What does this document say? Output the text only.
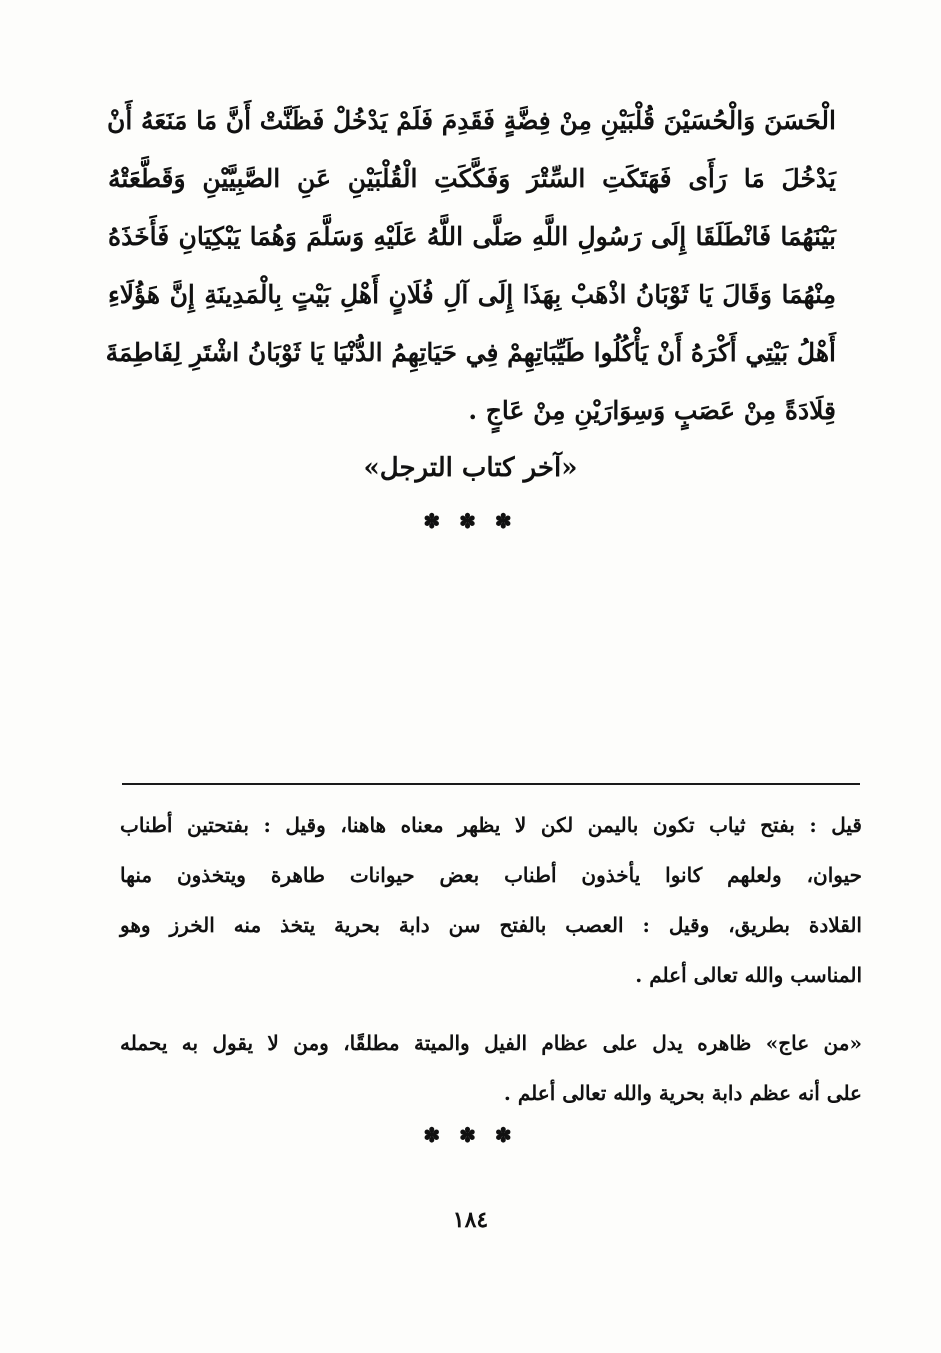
الْحَسَنَ وَالْحُسَيْنَ قُلْبَيْنِ مِنْ فِضَّةٍ فَقَدِمَ فَلَمْ يَدْخُلْ فَظَنَّتْ أَنَّ مَا مَنَعَهُ أَنْ
يَدْخُلَ مَا رَأَى فَهَتَكَتِ السِّتْرَ وَفَكَّكَتِ الْقُلْبَيْنِ عَنِ الصَّبِيَّيْنِ وَقَطَّعَتْهُ
بَيْنَهُمَا فَانْطَلَقَا إِلَى رَسُولِ اللَّهِ صَلَّى اللَّهُ عَلَيْهِ وَسَلَّمَ وَهُمَا يَبْكِيَانِ فَأَخَذَهُ
مِنْهُمَا وَقَالَ يَا ثَوْبَانُ اذْهَبْ بِهَذَا إِلَى آلِ فُلَانٍ أَهْلِ بَيْتٍ بِالْمَدِينَةِ إِنَّ هَؤُلَاءِ
أَهْلُ بَيْتِي أَكْرَهُ أَنْ يَأْكُلُوا طَيِّبَاتِهِمْ فِي حَيَاتِهِمُ الدُّنْيَا يَا ثَوْبَانُ اشْتَرِ لِفَاطِمَةَ
قِلَادَةً مِنْ عَصَبٍ وَسِوَارَيْنِ مِنْ عَاجٍ .
«آخر كتاب الترجل»
✽ ✽ ✽
قيل : بفتح ثياب تكون باليمن لكن لا يظهر معناه هاهنا، وقيل : بفتحتين أطناب
حيوان، ولعلهم كانوا يأخذون أطناب بعض حيوانات طاهرة ويتخذون منها
القلادة بطريق، وقيل : العصب بالفتح سن دابة بحرية يتخذ منه الخرز وهو
المناسب والله تعالى أعلم .
«من عاج» ظاهره يدل على عظام الفيل والميتة مطلقًا، ومن لا يقول به يحمله
على أنه عظم دابة بحرية والله تعالى أعلم .
✽ ✽ ✽
١٨٤
